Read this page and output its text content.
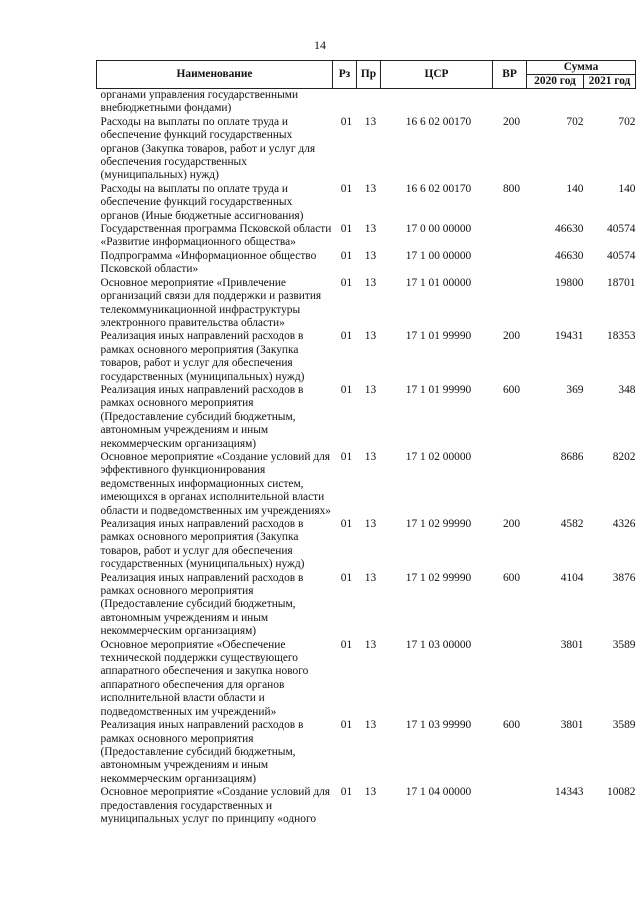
14
Наименование	Рз	Пр	ЦСР	ВР	Сумма	
					2020 год	2021 год
органами управления государственными внебюджетными фондами)						
Расходы на выплаты по оплате труда и обеспечение функций государственных органов (Закупка товаров, работ и услуг для обеспечения государственных (муниципальных) нужд)	01	13	16 6 02 00170	200	702	702
Расходы на выплаты по оплате труда и обеспечение функций государственных органов (Иные бюджетные ассигнования)	01	13	16 6 02 00170	800	140	140
Государственная программа Псковской области «Развитие информационного общества»	01	13	17 0 00 00000		46630	40574
Подпрограмма «Информационное общество Псковской области»	01	13	17 1 00 00000		46630	40574
Основное мероприятие «Привлечение организаций связи для поддержки и развития телекоммуникационной инфраструктуры электронного правительства области»	01	13	17 1 01 00000		19800	18701
Реализация иных направлений расходов в рамках основного мероприятия (Закупка товаров, работ и услуг для обеспечения государственных (муниципальных) нужд)	01	13	17 1 01 99990	200	19431	18353
Реализация иных направлений расходов в рамках основного мероприятия (Предоставление субсидий бюджетным, автономным учреждениям и иным некоммерческим организациям)	01	13	17 1 01 99990	600	369	348
Основное мероприятие «Создание условий для эффективного функционирования ведомственных информационных систем, имеющихся в органах исполнительной власти области и подведомственных им учреждениях»	01	13	17 1 02 00000		8686	8202
Реализация иных направлений расходов в рамках основного мероприятия (Закупка товаров, работ и услуг для обеспечения государственных (муниципальных) нужд)	01	13	17 1 02 99990	200	4582	4326
Реализация иных направлений расходов в рамках основного мероприятия (Предоставление субсидий бюджетным, автономным учреждениям и иным некоммерческим организациям)	01	13	17 1 02 99990	600	4104	3876
Основное мероприятие «Обеспечение технической поддержки существующего аппаратного обеспечения и закупка нового аппаратного обеспечения для органов исполнительной власти области и подведомственных им учреждений»	01	13	17 1 03 00000		3801	3589
Реализация иных направлений расходов в рамках основного мероприятия (Предоставление субсидий бюджетным, автономным учреждениям и иным некоммерческим организациям)	01	13	17 1 03 99990	600	3801	3589
Основное мероприятие «Создание условий для предоставления государственных и муниципальных услуг по принципу «одного	01	13	17 1 04 00000		14343	10082
